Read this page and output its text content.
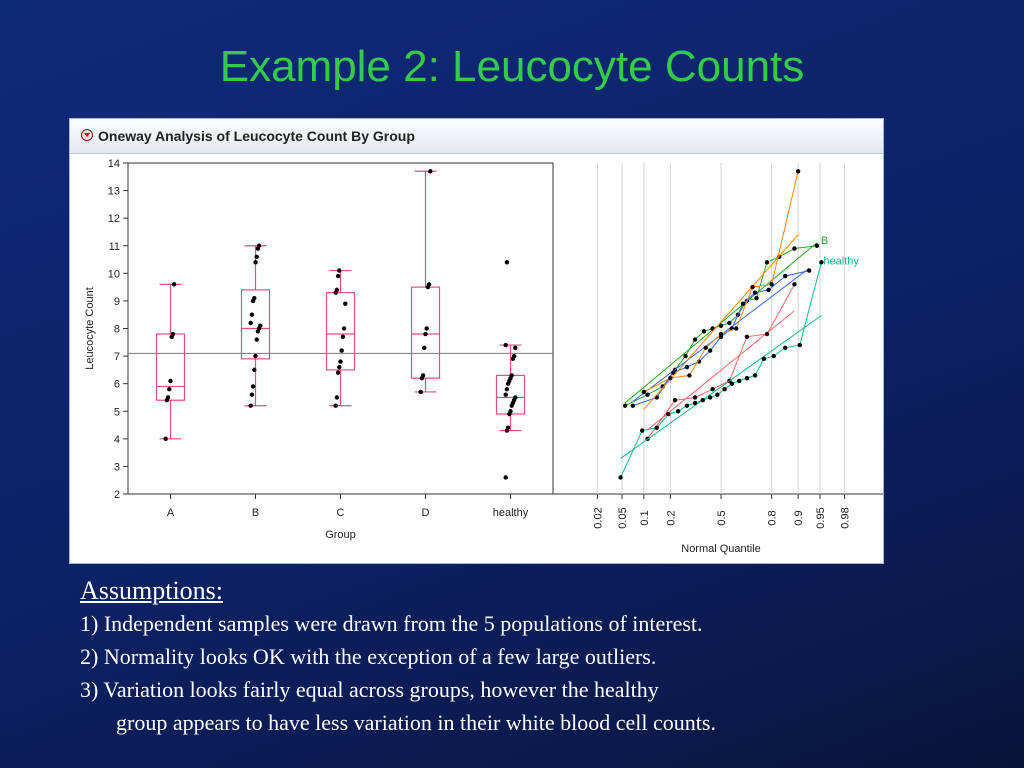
Example 2: Leucocyte Counts
Oneway Analysis of Leucocyte Count By Group
2
3
4
5
6
7
8
9
10
11
12
13
14
Leucocyte Count
A	B	C	D	healthy
Group
0.02 0.05 0.1 0.2	0.5	0.8 0.9 0.95 0.98
Normal Quantile
B
healthy
Assumptions:
1) Independent samples were drawn from the 5 populations of interest.
2) Normality looks OK with the exception of a few large outliers.
3) Variation looks fairly equal across groups, however the healthy
group appears to have less variation in their white blood cell counts.
